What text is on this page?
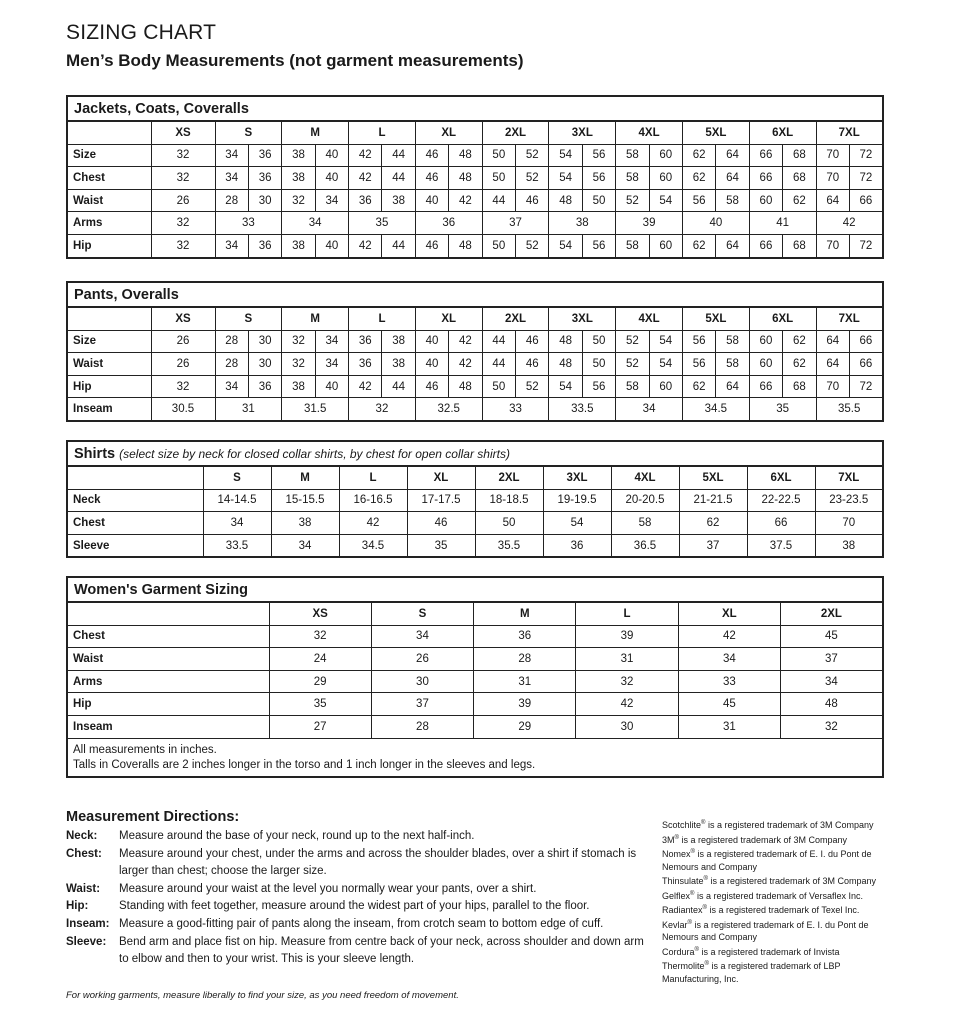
SIZING CHART
Men’s Body Measurements (not garment measurements)
Jackets, Coats, Coveralls																					
	XS	S		M		L		XL		2XL		3XL		4XL		5XL		6XL		7XL	
Size	32	34	36	38	40	42	44	46	48	50	52	54	56	58	60	62	64	66	68	70	72
Chest	32	34	36	38	40	42	44	46	48	50	52	54	56	58	60	62	64	66	68	70	72
Waist	26	28	30	32	34	36	38	40	42	44	46	48	50	52	54	56	58	60	62	64	66
Arms	32	33		34		35		36		37		38		39		40		41		42	
Hip	32	34	36	38	40	42	44	46	48	50	52	54	56	58	60	62	64	66	68	70	72
Pants, Overalls																					
	XS	S		M		L		XL		2XL		3XL		4XL		5XL		6XL		7XL	
Size	26	28	30	32	34	36	38	40	42	44	46	48	50	52	54	56	58	60	62	64	66
Waist	26	28	30	32	34	36	38	40	42	44	46	48	50	52	54	56	58	60	62	64	66
Hip	32	34	36	38	40	42	44	46	48	50	52	54	56	58	60	62	64	66	68	70	72
Inseam	30.5	31		31.5		32		32.5		33		33.5		34		34.5		35		35.5	
Shirts (select size by neck for closed collar shirts, by chest for open collar shirts)										
	S	M	L	XL	2XL	3XL	4XL	5XL	6XL	7XL
Neck	14-14.5	15-15.5	16-16.5	17-17.5	18-18.5	19-19.5	20-20.5	21-21.5	22-22.5	23-23.5
Chest	34	38	42	46	50	54	58	62	66	70
Sleeve	33.5	34	34.5	35	35.5	36	36.5	37	37.5	38
Women's Garment Sizing						
	XS	S	M	L	XL	2XL
Chest	32	34	36	39	42	45
Waist	24	26	28	31	34	37
Arms	29	30	31	32	33	34
Hip	35	37	39	42	45	48
Inseam	27	28	29	30	31	32

All measurements in inches.
Talls in Coveralls are 2 inches longer in the torso and 1 inch longer in the sleeves and legs.						
Measurement Directions:
Neck:	Measure around the base of your neck, round up to the next half-inch.
Chest:	Measure around your chest, under the arms and across the shoulder blades, over a shirt if stomach is larger than chest; choose the larger size.
Waist:	Measure around your waist at the level you normally wear your pants, over a shirt.
Hip:	Standing with feet together, measure around the widest part of your hips, parallel to the floor.
Inseam: Measure a good-fitting pair of pants along the inseam, from crotch seam to bottom edge of cuff.
Sleeve:	Bend arm and place fist on hip. Measure from centre back of your neck, across shoulder and down arm to elbow and then to your wrist. This is your sleeve length.
Scotchlite® is a registered trademark of 3M Company
3M® is a registered trademark of 3M Company
Nomex® is a registered trademark of E. I. du Pont de Nemours and Company
Thinsulate® is a registered trademark of 3M Company
Gelflex® is a registered trademark of Versaflex Inc.
Radiantex® is a registered trademark of Texel Inc.
Kevlar® is a registered trademark of E. I. du Pont de Nemours and Company
Cordura® is a registered trademark of Invista
Thermolite® is a registered trademark of LBP Manufacturing, Inc.
For working garments, measure liberally to find your size, as you need freedom of movement.
